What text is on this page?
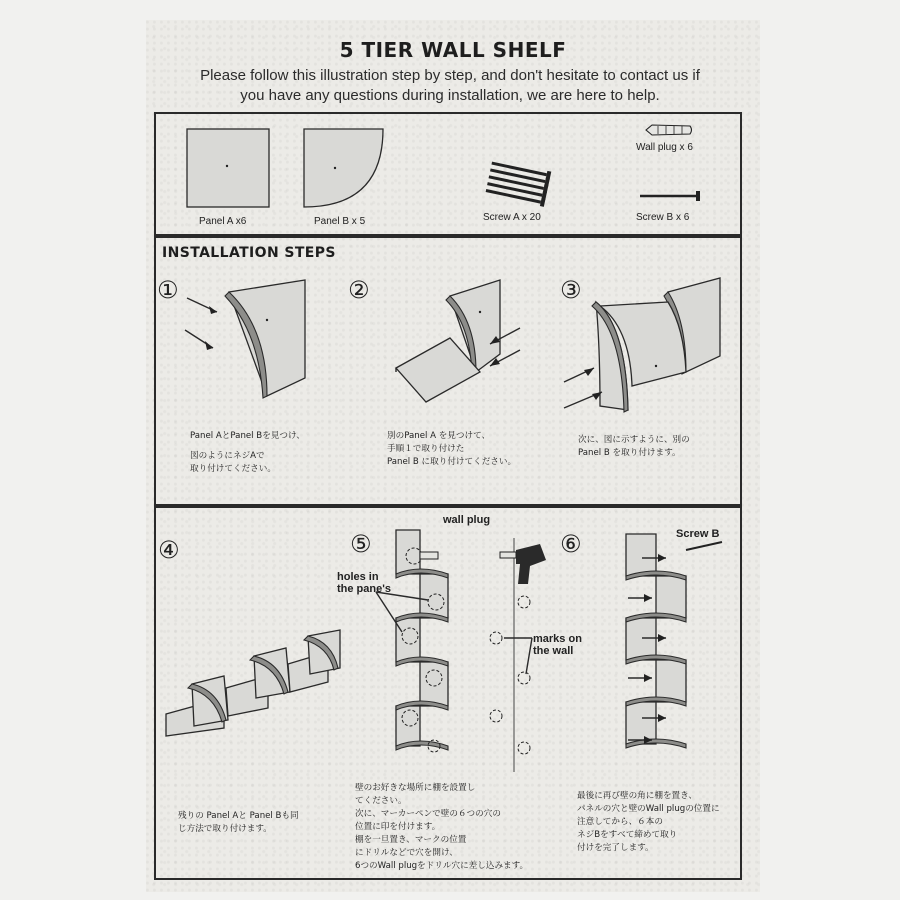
5 TIER WALL SHELF
Please follow this illustration step by step, and don't hesitate to contact us if
you have any questions during installation, we are here to help.
Panel A x6	Panel B x 5	Screw A x 20
Wall plug x 6
Screw B x 6
INSTALLATION STEPS
①
Panel AとPanel Bを見つけ、
図のようにネジAで
取り付けてください。
②
別のPanel A を見つけて、
手順１で取り付けた
Panel B に取り付けてください。
③
次に、図に示すように、別の
Panel B を取り付けます。
④
残りの Panel Aと Panel Bも同
じ方法で取り付けます。
⑤
wall plug
holes in
the pane's
marks on
the wall
壁のお好きな場所に棚を設置し
てください。
次に、マーカーペンで壁の６つの穴の
位置に印を付けます。
棚を一旦置き、マークの位置
にドリルなどで穴を開け、
6つのWall plugをドリル穴に差し込みます。
⑥	Screw B
最後に再び壁の角に棚を置き、
パネルの穴と壁のWall plugの位置に
注意してから、６本の
ネジBをすべて締めて取り
付けを完了します。
